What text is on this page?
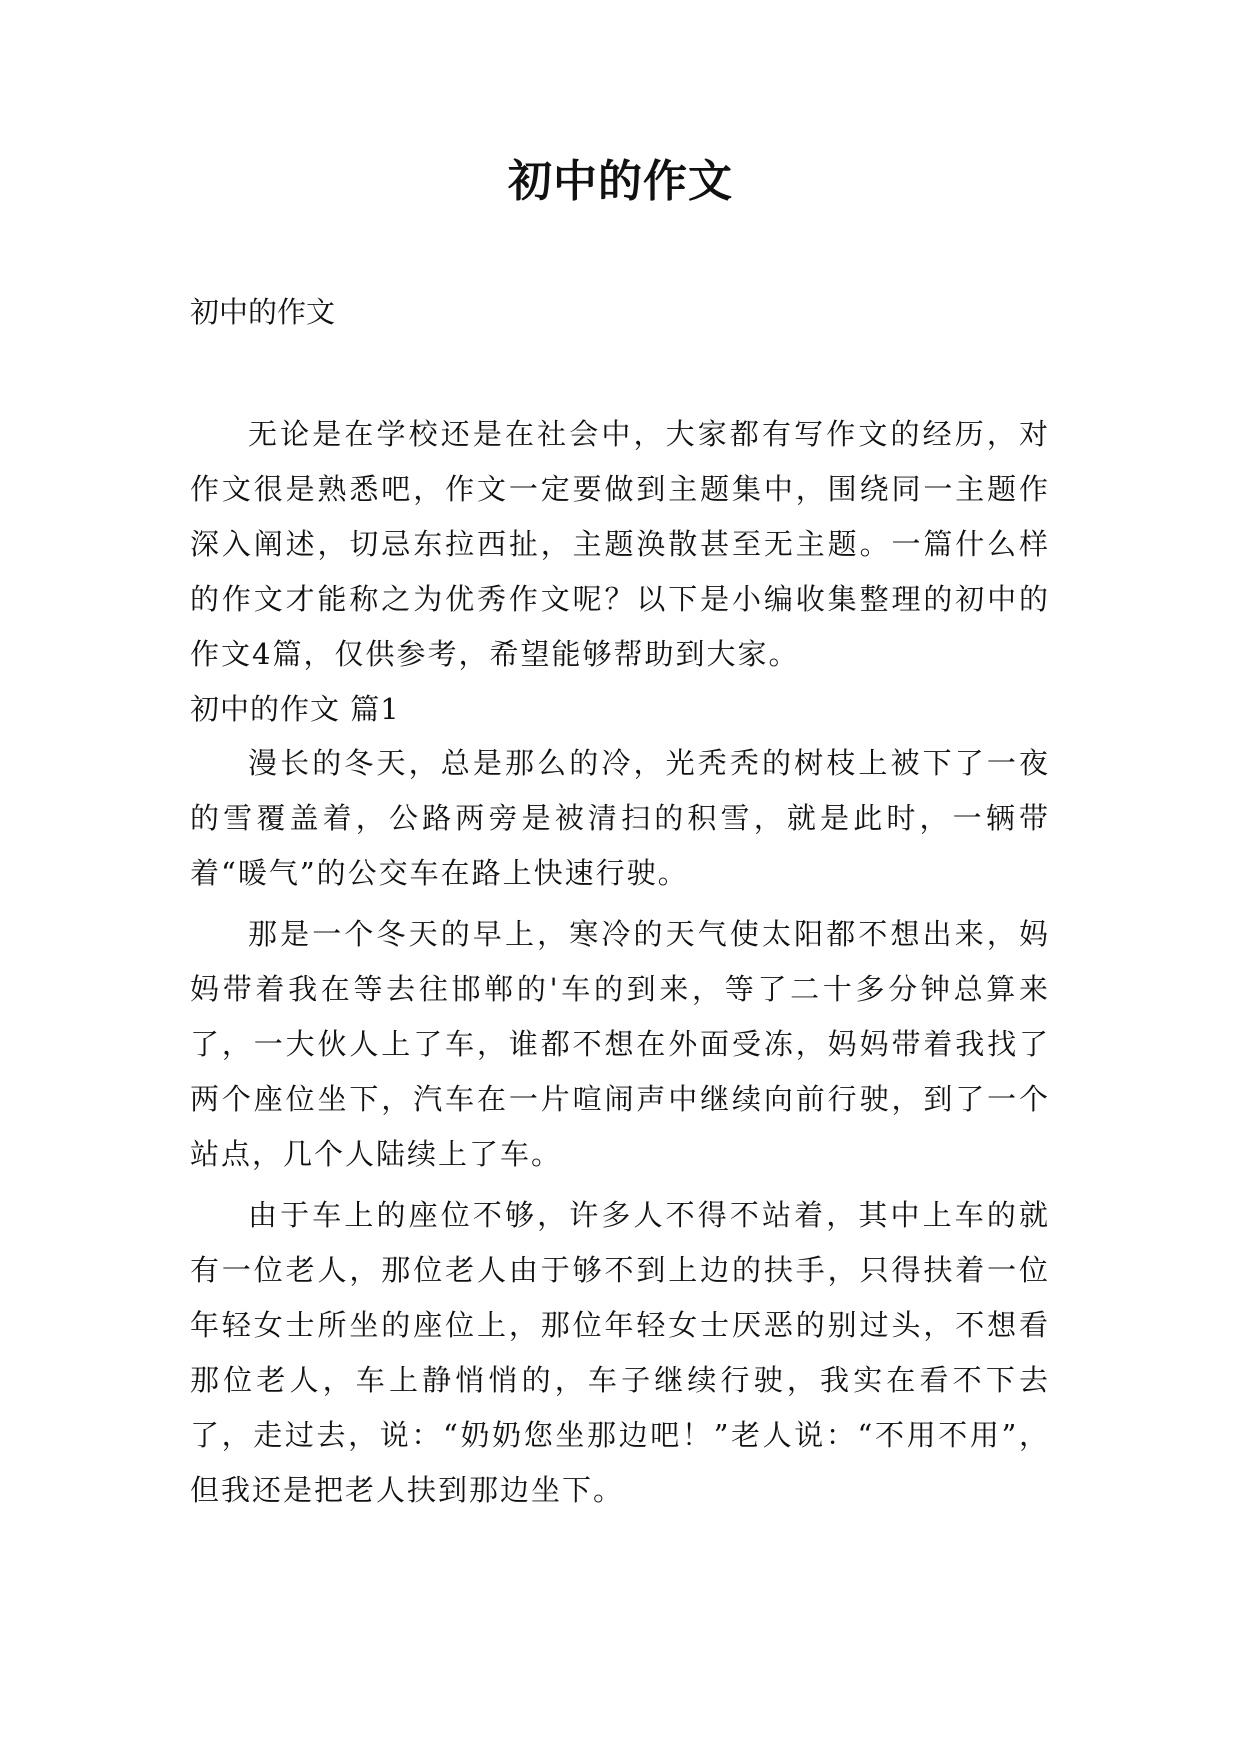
初中的作文

初中的作文

无论是在学校还是在社会中，大家都有写作文的经历，对作文很是熟悉吧，作文一定要做到主题集中，围绕同一主题作深入阐述，切忌东拉西扯，主题涣散甚至无主题。一篇什么样的作文才能称之为优秀作文呢？以下是小编收集整理的初中的作文4篇，仅供参考，希望能够帮助到大家。

初中的作文 篇1

漫长的冬天，总是那么的冷，光秃秃的树枝上被下了一夜的雪覆盖着，公路两旁是被清扫的积雪，就是此时，一辆带着“暖气”的公交车在路上快速行驶。

那是一个冬天的早上，寒冷的天气使太阳都不想出来，妈妈带着我在等去往邯郸的'车的到来，等了二十多分钟总算来了，一大伙人上了车，谁都不想在外面受冻，妈妈带着我找了两个座位坐下，汽车在一片喧闹声中继续向前行驶，到了一个站点，几个人陆续上了车。

由于车上的座位不够，许多人不得不站着，其中上车的就有一位老人，那位老人由于够不到上边的扶手，只得扶着一位年轻女士所坐的座位上，那位年轻女士厌恶的别过头，不想看那位老人，车上静悄悄的，车子继续行驶，我实在看不下去了，走过去，说：“奶奶您坐那边吧！”老人说：“不用不用”，但我还是把老人扶到那边坐下。
